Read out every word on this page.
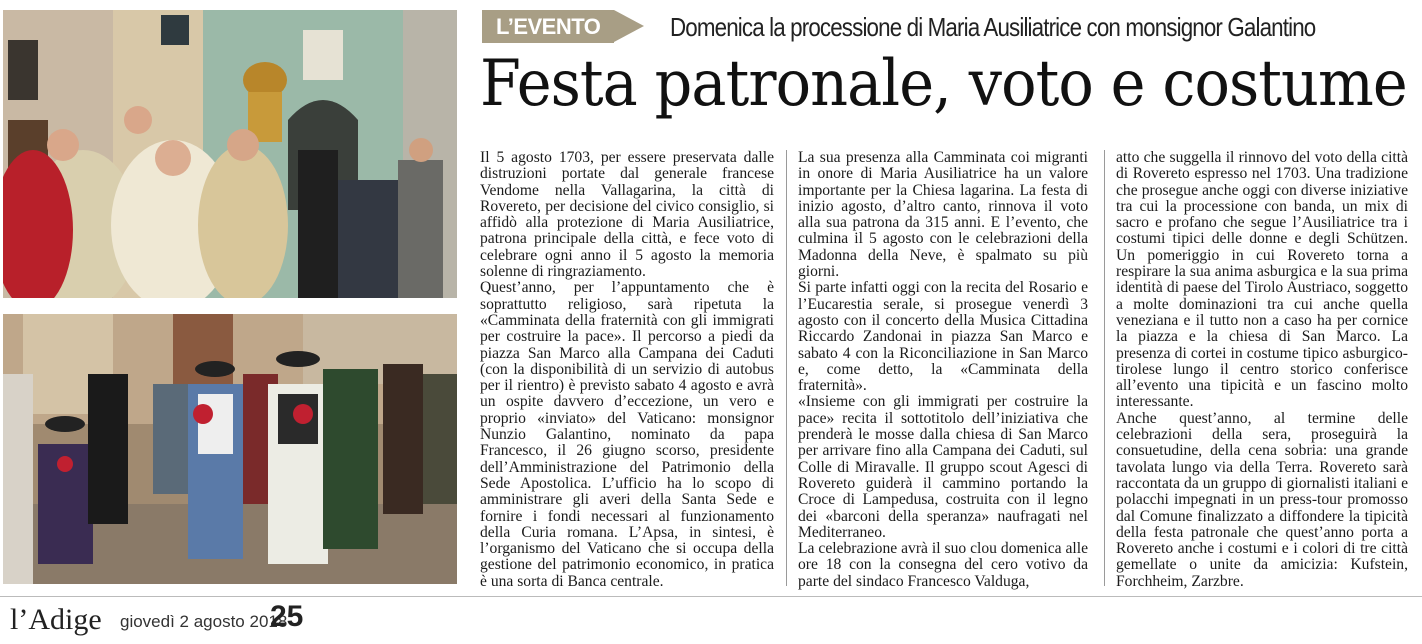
L’EVENTO	Domenica la processione di Maria Ausiliatrice con monsignor Galantino
Festa patronale, voto e costume

Il 5 agosto 1703, per essere preservata dalle distruzioni portate dal generale francese Vendome nella Vallagarina, la città di Rovereto, per decisione del civico consiglio, si affidò alla protezione di Maria Ausiliatrice, patrona principale della città, e fece voto di celebrare ogni anno il 5 agosto la memoria solenne di ringraziamento.

Quest’anno, per l’appuntamento che è soprattutto religioso, sarà ripetuta la «Camminata della fraternità con gli immigrati per costruire la pace». Il percorso a piedi da piazza San Marco alla Campana dei Caduti (con la disponibilità di un servizio di autobus per il rientro) è previsto sabato 4 agosto e avrà un ospite davvero d’eccezione, un vero e proprio «inviato» del Vaticano: monsignor Nunzio Galantino, nominato da papa Francesco, il 26 giugno scorso, presidente dell’Amministrazione del Patrimonio della Sede Apostolica. L’ufficio ha lo scopo di amministrare gli averi della Santa Sede e fornire i fondi necessari al funzionamento della Curia romana. L’Apsa, in sintesi, è l’organismo del Vaticano che si occupa della gestione del patrimonio economico, in pratica è una sorta di Banca centrale.

La sua presenza alla Camminata coi migranti in onore di Maria Ausiliatrice ha un valore importante per la Chiesa lagarina. La festa di inizio agosto, d’altro canto, rinnova il voto alla sua patrona da 315 anni. E l’evento, che culmina il 5 agosto con le celebrazioni della Madonna della Neve, è spalmato su più giorni.

Si parte infatti oggi con la recita del Rosario e l’Eucarestia serale, si prosegue venerdì 3 agosto con il concerto della Musica Cittadina Riccardo Zandonai in piazza San Marco e sabato 4 con la Riconciliazione in San Marco e, come detto, la «Camminata della fraternità».

«Insieme con gli immigrati per costruire la pace» recita il sottotitolo dell’iniziativa che prenderà le mosse dalla chiesa di San Marco per arrivare fino alla Campana dei Caduti, sul Colle di Miravalle. Il gruppo scout Agesci di Rovereto guiderà il cammino portando la Croce di Lampedusa, costruita con il legno dei «barconi della speranza» naufragati nel Mediterraneo.

La celebrazione avrà il suo clou domenica alle ore 18 con la consegna del cero votivo da parte del sindaco Francesco Valduga,

atto che suggella il rinnovo del voto della città di Rovereto espresso nel 1703. Una tradizione che prosegue anche oggi con diverse iniziative tra cui la processione con banda, un mix di sacro e profano che segue l’Ausiliatrice tra i costumi tipici delle donne e degli Schützen. Un pomeriggio in cui Rovereto torna a respirare la sua anima asburgica e la sua prima identità di paese del Tirolo Austriaco, soggetto a molte dominazioni tra cui anche quella veneziana e il tutto non a caso ha per cornice la piazza e la chiesa di San Marco. La presenza di cortei in costume tipico asburgico-tirolese lungo il centro storico conferisce all’evento una tipicità e un fascino molto interessante.

Anche quest’anno, al termine delle celebrazioni della sera, proseguirà la consuetudine, della cena sobria: una grande tavolata lungo via della Terra. Rovereto sarà raccontata da un gruppo di giornalisti italiani e polacchi impegnati in un press-tour promosso dal Comune finalizzato a diffondere la tipicità della festa patronale che quest’anno porta a Rovereto anche i costumi e i colori di tre città gemellate o unite da amicizia: Kufstein, Forchheim, Zarzbre.

l’Adige giovedì 2 agosto 2018
25
